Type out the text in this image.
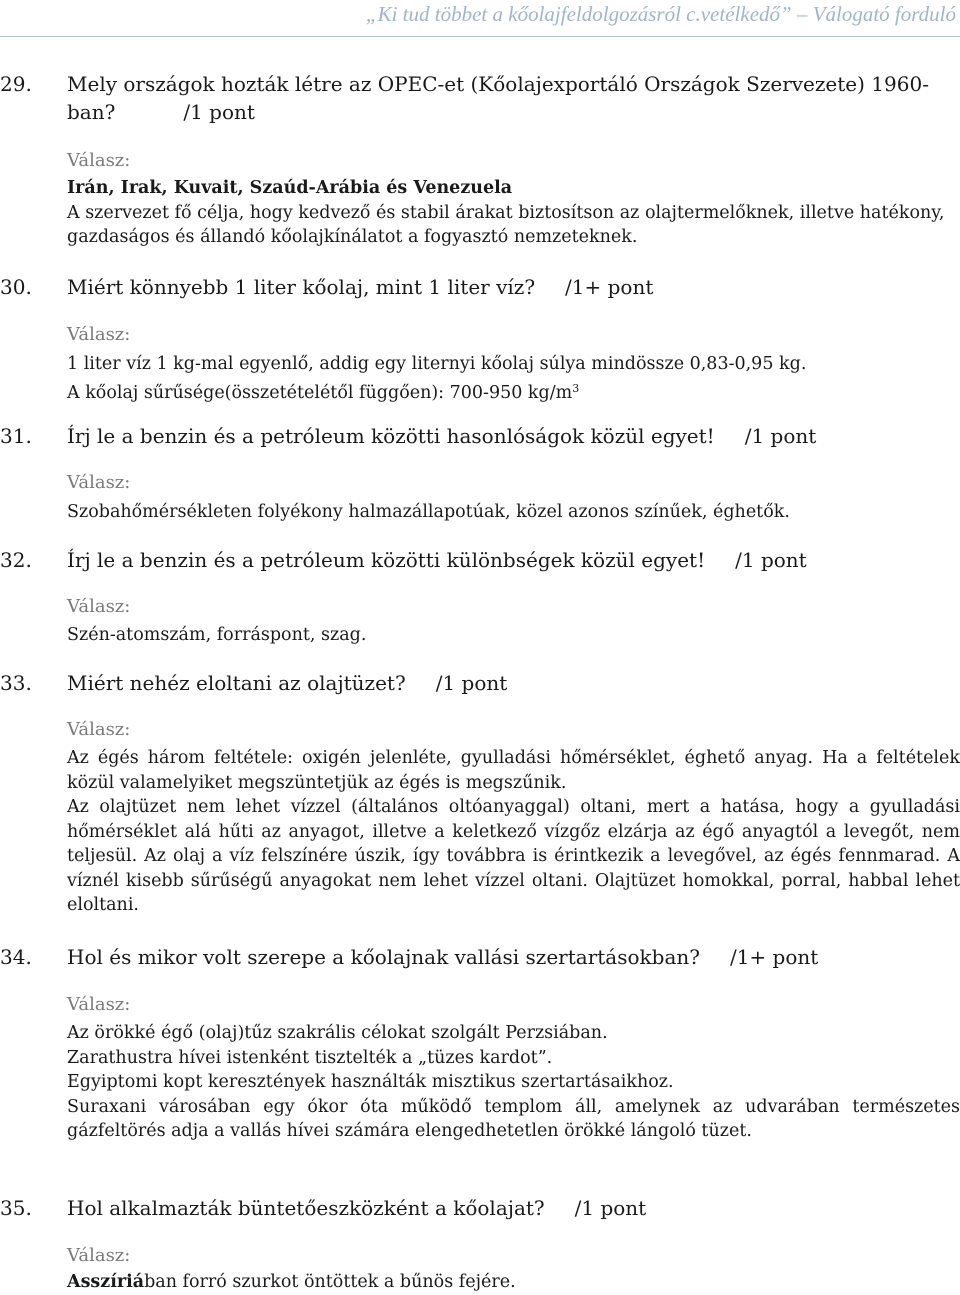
„Ki tud többet a kőolajfeldolgozásról c.vetélkedő” – Válogató forduló
29. Mely országok hozták létre az OPEC-et (Kőolajexportáló Országok Szervezete) 1960-
ban?	/1 pont
Válasz:

Irán, Irak, Kuvait, Szaúd-Arábia és Venezuela

A szervezet fő célja, hogy kedvező és stabil árakat biztosítson az olajtermelőknek, illetve hatékony, gazdaságos és állandó kőolajkínálatot a fogyasztó nemzeteknek.

30. Miért könnyebb 1 liter kőolaj, mint 1 liter víz? /1+ pont
Válasz:

1 liter víz 1 kg-mal egyenlő, addig egy liternyi kőolaj súlya mindössze 0,83-0,95 kg.

A kőolaj sűrűsége(összetételétől függően): 700-950 $kg/m^3$

31. Írj le a benzin és a petróleum közötti hasonlóságok közül egyet! /1 pont
Válasz:

Szobahőmérsékleten folyékony halmazállapotúak, közel azonos színűek, éghetők.

32. Írj le a benzin és a petróleum közötti különbségek közül egyet! /1 pont
Válasz:

Szén-atomszám, forráspont, szag.

33. Miért nehéz eloltani az olajtüzet? /1 pont
Válasz:

Az égés három feltétele: oxigén jelenléte, gyulladási hőmérséklet, éghető anyag. Ha a feltételek közül valamelyiket megszüntetjük az égés is megszűnik.

Az olajtüzet nem lehet vízzel (általános oltóanyaggal) oltani, mert a hatása, hogy a gyulladási hőmérséklet alá hűti az anyagot, illetve a keletkező vízgőz elzárja az égő anyagtól a levegőt, nem teljesül. Az olaj a víz felszínére úszik, így továbbra is érintkezik a levegővel, az égés fennmarad. A víznél kisebb sűrűségű anyagokat nem lehet vízzel oltani. Olajtüzet homokkal, porral, habbal lehet eloltani.

34. Hol és mikor volt szerepe a kőolajnak vallási szertartásokban? /1+ pont
Válasz:

Az örökké égő (olaj)tűz szakrális célokat szolgált Perzsiában.

Zarathustra hívei istenként tisztelték a „tüzes kardot”.

Egyiptomi kopt keresztények használták misztikus szertartásaikhoz.

Suraxani városában egy ókor óta működő templom áll, amelynek az udvarában természetes gázfeltörés adja a vallás hívei számára elengedhetetlen örökké lángoló tüzet.

35. Hol alkalmazták büntetőeszközként a kőolajat? /1 pont
Válasz:

Asszíriában forró szurkot öntöttek a bűnös fejére.
